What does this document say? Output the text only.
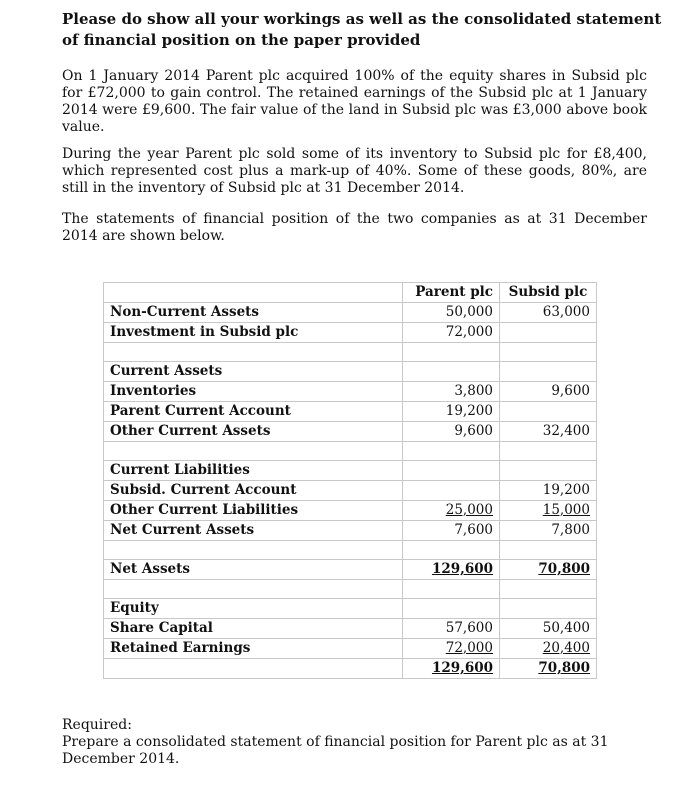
Please do show all your workings as well as the consolidated statement of financial position on the paper provided
On 1 January 2014 Parent plc acquired 100% of the equity shares in Subsid plc for £72,000 to gain control. The retained earnings of the Subsid plc at 1 January 2014 were £9,600. The fair value of the land in Subsid plc was £3,000 above book value.
During the year Parent plc sold some of its inventory to Subsid plc for £8,400, which represented cost plus a mark-up of 40%. Some of these goods, 80%, are still in the inventory of Subsid plc at 31 December 2014.
The statements of financial position of the two companies as at 31 December 2014 are shown below.
	Parent plc	Subsid plc
Non-Current Assets	50,000	63,000
Investment in Subsid plc	72,000	

Current Assets		
Inventories	3,800	9,600
Parent Current Account	19,200	
Other Current Assets	9,600	32,400

Current Liabilities		
Subsid. Current Account		19,200
Other Current Liabilities	25,000	15,000
Net Current Assets	7,600	7,800

Net Assets	129,600	70,800

Equity		
Share Capital	57,600	50,400
Retained Earnings	72,000	20,400
	129,600	70,800
Required:
Prepare a consolidated statement of financial position for Parent plc as at 31 December 2014.
